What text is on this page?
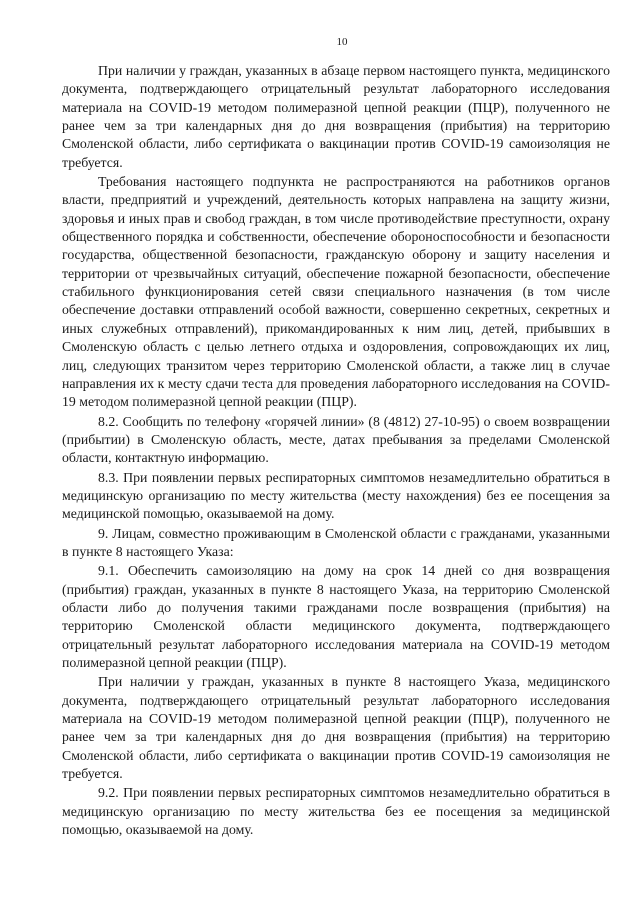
10

При наличии у граждан, указанных в абзаце первом настоящего пункта, медицинского документа, подтверждающего отрицательный результат лабораторного исследования материала на COVID-19 методом полимеразной цепной реакции (ПЦР), полученного не ранее чем за три календарных дня до дня возвращения (прибытия) на территорию Смоленской области, либо сертификата о вакцинации против COVID-19 самоизоляция не требуется.

Требования настоящего подпункта не распространяются на работников органов власти, предприятий и учреждений, деятельность которых направлена на защиту жизни, здоровья и иных прав и свобод граждан, в том числе противодействие преступности, охрану общественного порядка и собственности, обеспечение обороноспособности и безопасности государства, общественной безопасности, гражданскую оборону и защиту населения и территории от чрезвычайных ситуаций, обеспечение пожарной безопасности, обеспечение стабильного функционирования сетей связи специального назначения (в том числе обеспечение доставки отправлений особой важности, совершенно секретных, секретных и иных служебных отправлений), прикомандированных к ним лиц, детей, прибывших в Смоленскую область с целью летнего отдыха и оздоровления, сопровождающих их лиц, лиц, следующих транзитом через территорию Смоленской области, а также лиц в случае направления их к месту сдачи теста для проведения лабораторного исследования на COVID-19 методом полимеразной цепной реакции (ПЦР).

8.2. Сообщить по телефону «горячей линии» (8 (4812) 27-10-95) о своем возвращении (прибытии) в Смоленскую область, месте, датах пребывания за пределами Смоленской области, контактную информацию.

8.3. При появлении первых респираторных симптомов незамедлительно обратиться в медицинскую организацию по месту жительства (месту нахождения) без ее посещения за медицинской помощью, оказываемой на дому.

9. Лицам, совместно проживающим в Смоленской области с гражданами, указанными в пункте 8 настоящего Указа:

9.1. Обеспечить самоизоляцию на дому на срок 14 дней со дня возвращения (прибытия) граждан, указанных в пункте 8 настоящего Указа, на территорию Смоленской области либо до получения такими гражданами после возвращения (прибытия) на территорию Смоленской области медицинского документа, подтверждающего отрицательный результат лабораторного исследования материала на COVID-19 методом полимеразной цепной реакции (ПЦР).

При наличии у граждан, указанных в пункте 8 настоящего Указа, медицинского документа, подтверждающего отрицательный результат лабораторного исследования материала на COVID-19 методом полимеразной цепной реакции (ПЦР), полученного не ранее чем за три календарных дня до дня возвращения (прибытия) на территорию Смоленской области, либо сертификата о вакцинации против COVID-19 самоизоляция не требуется.

9.2. При появлении первых респираторных симптомов незамедлительно обратиться в медицинскую организацию по месту жительства без ее посещения за медицинской помощью, оказываемой на дому.
